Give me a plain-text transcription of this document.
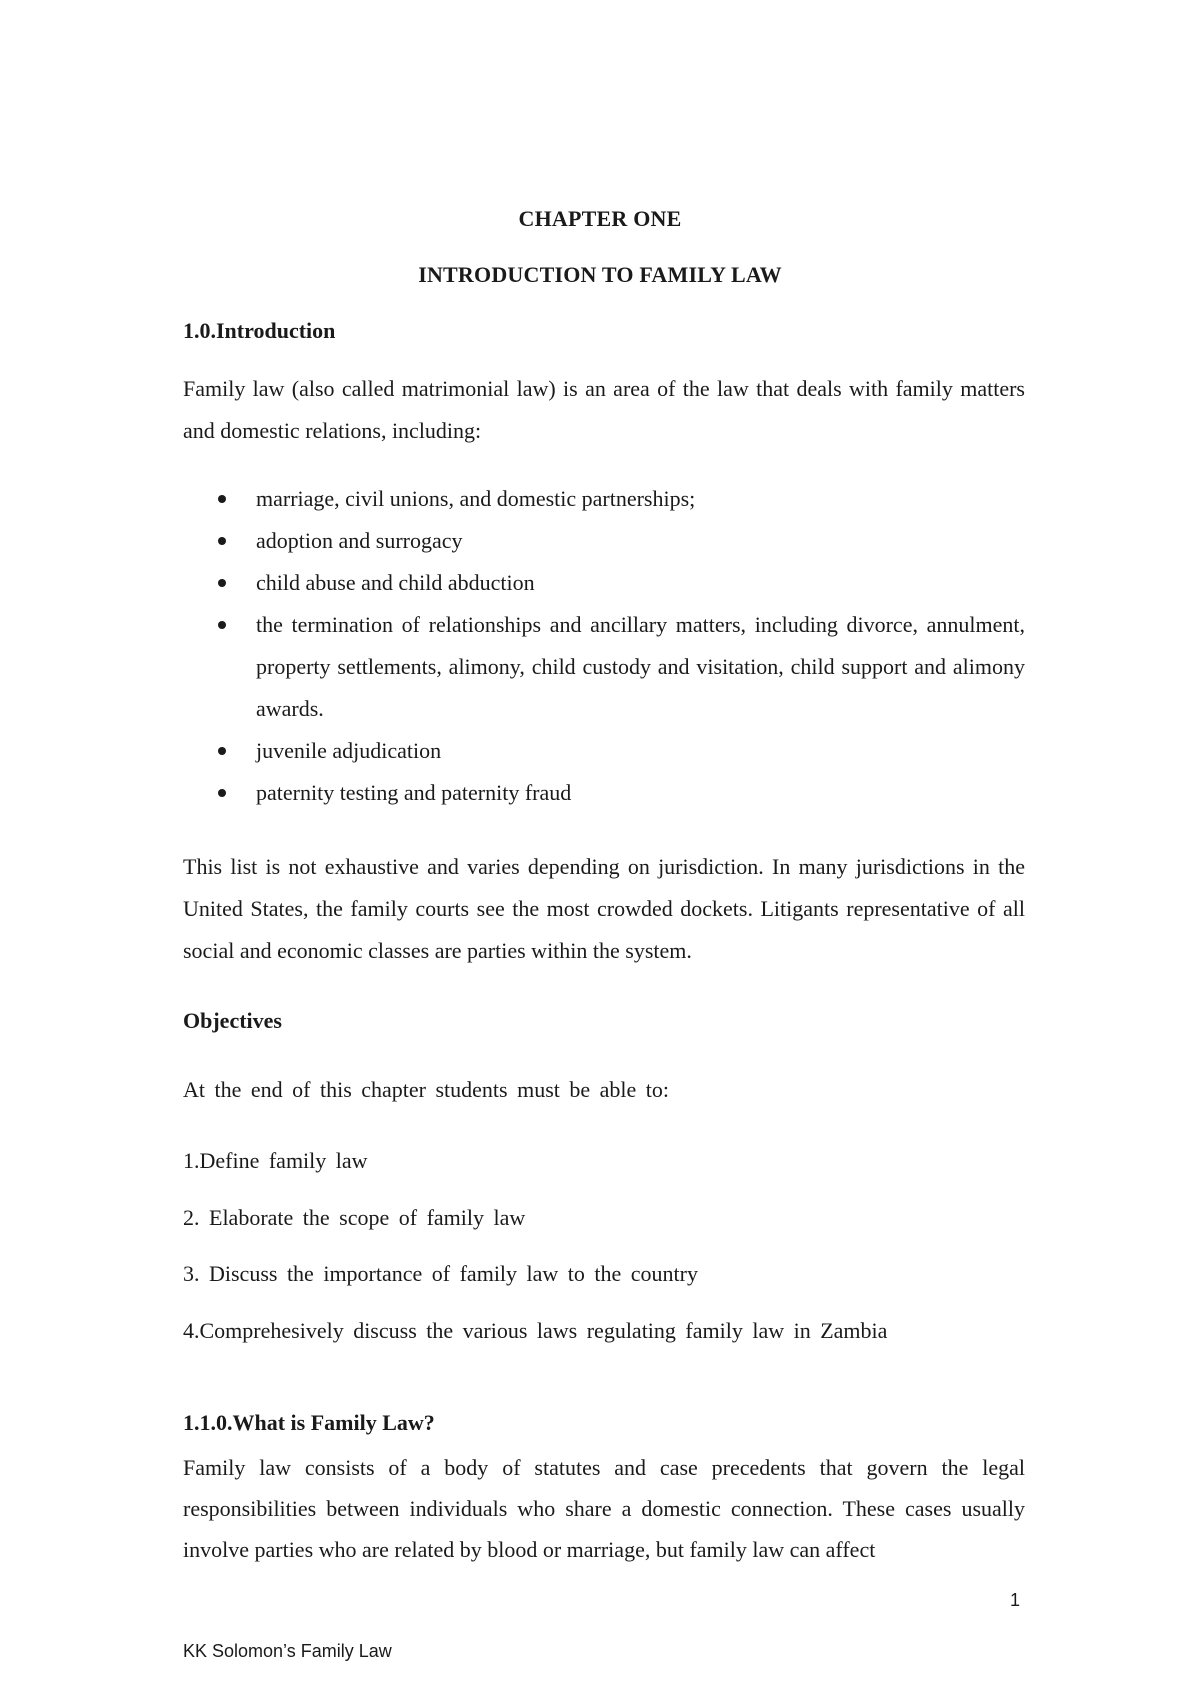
CHAPTER ONE

INTRODUCTION TO FAMILY LAW

1.0.Introduction

Family law (also called matrimonial law) is an area of the law that deals with family matters and domestic relations, including:

marriage, civil unions, and domestic partnerships;
adoption and surrogacy
child abuse and child abduction
the termination of relationships and ancillary matters, including divorce, annulment, property settlements, alimony, child custody and visitation, child support and alimony awards.
juvenile adjudication
paternity testing and paternity fraud

This list is not exhaustive and varies depending on jurisdiction. In many jurisdictions in the United States, the family courts see the most crowded dockets. Litigants representative of all social and economic classes are parties within the system.

Objectives

At the end of this chapter students must be able to:

1.Define family law

2. Elaborate the scope of family law

3. Discuss the importance of family law to the country

4.Comprehesively discuss the various laws regulating family law in Zambia

1.1.0.What is Family Law?

Family law consists of a body of statutes and case precedents that govern the legal responsibilities between individuals who share a domestic connection. These cases usually involve parties who are related by blood or marriage, but family law can affect

1

KK Solomon’s Family Law
